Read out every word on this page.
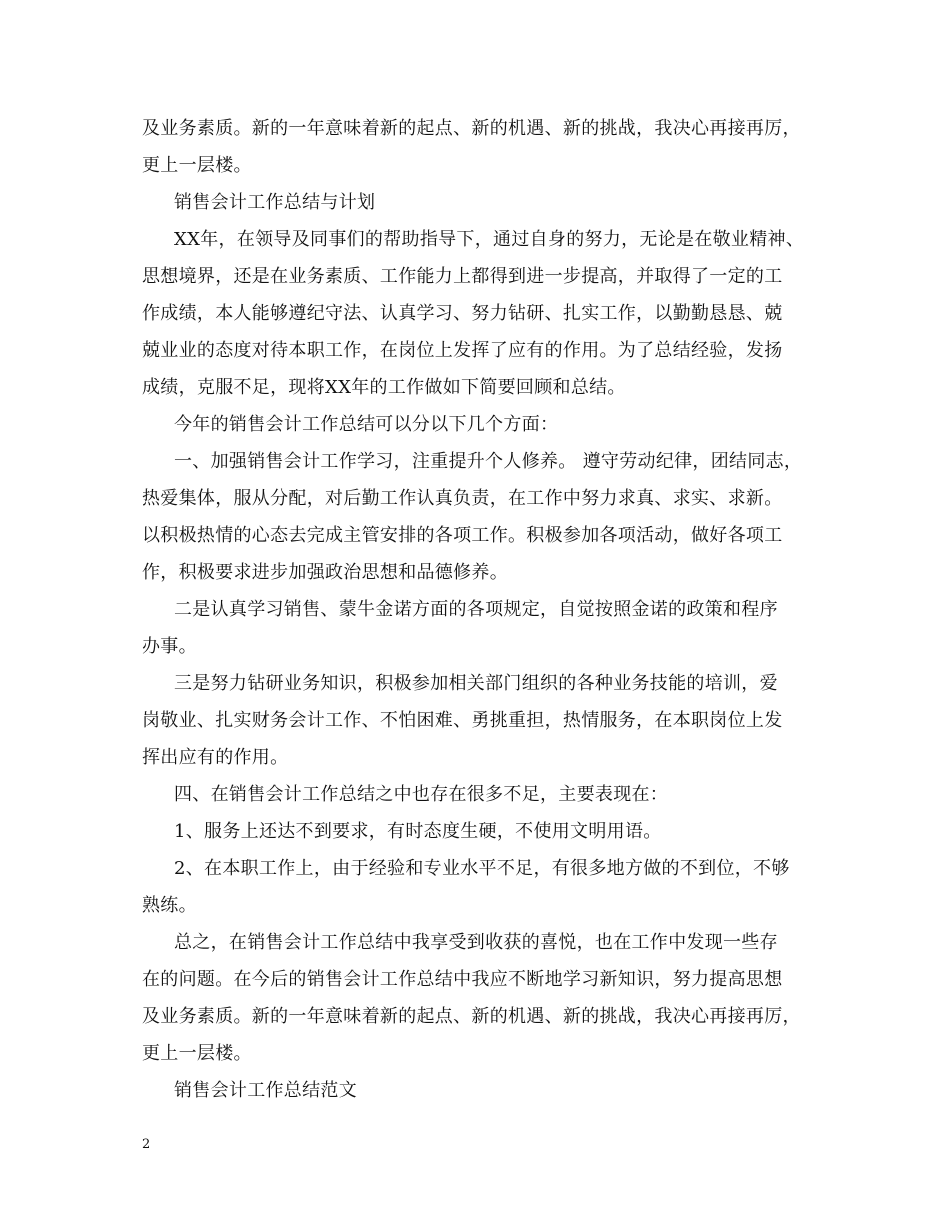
及业务素质。新的一年意味着新的起点、新的机遇、新的挑战，我决心再接再厉，
更上一层楼。
销售会计工作总结与计划
XX年，在领导及同事们的帮助指导下，通过自身的努力，无论是在敬业精神、
思想境界，还是在业务素质、工作能力上都得到进一步提高，并取得了一定的工
作成绩，本人能够遵纪守法、认真学习、努力钻研、扎实工作，以勤勤恳恳、兢
兢业业的态度对待本职工作，在岗位上发挥了应有的作用。为了总结经验，发扬
成绩，克服不足，现将XX年的工作做如下简要回顾和总结。
今年的销售会计工作总结可以分以下几个方面：
一、加强销售会计工作学习，注重提升个人修养。 遵守劳动纪律，团结同志，
热爱集体，服从分配，对后勤工作认真负责，在工作中努力求真、求实、求新。
以积极热情的心态去完成主管安排的各项工作。积极参加各项活动，做好各项工
作，积极要求进步加强政治思想和品德修养。
二是认真学习销售、蒙牛金诺方面的各项规定，自觉按照金诺的政策和程序
办事。
三是努力钻研业务知识，积极参加相关部门组织的各种业务技能的培训，爱
岗敬业、扎实财务会计工作、不怕困难、勇挑重担，热情服务，在本职岗位上发
挥出应有的作用。
四、在销售会计工作总结之中也存在很多不足，主要表现在：
1、服务上还达不到要求，有时态度生硬，不使用文明用语。
2、在本职工作上，由于经验和专业水平不足，有很多地方做的不到位，不够
熟练。
总之，在销售会计工作总结中我享受到收获的喜悦，也在工作中发现一些存
在的问题。在今后的销售会计工作总结中我应不断地学习新知识，努力提高思想
及业务素质。新的一年意味着新的起点、新的机遇、新的挑战，我决心再接再厉，
更上一层楼。
销售会计工作总结范文
2
